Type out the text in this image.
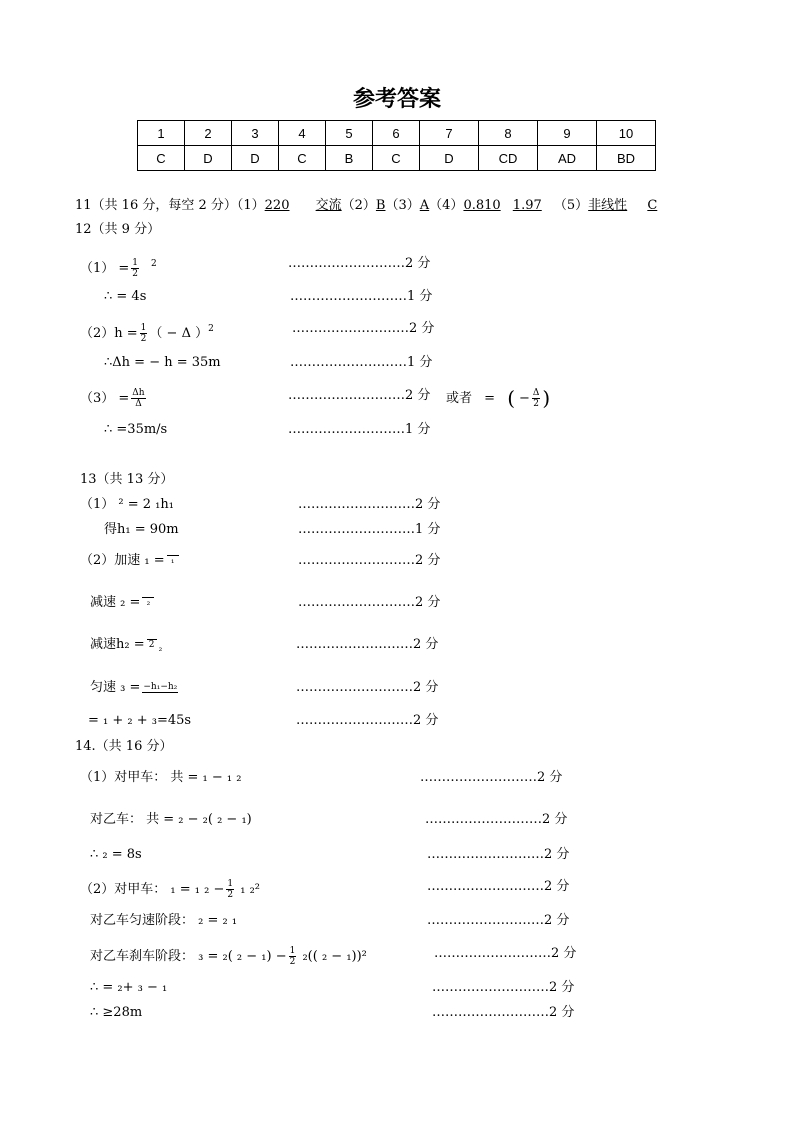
参考答案
1	2	3	4	5	6	7	8	9	10
C	D	D	C	B	C	D	CD	AD	BD
11（共 16 分，每空 2 分）（1）220 交流（2）B（3）A（4）0.810 1.97 （5）非线性 C
12（共 9 分）
$(1) = \frac{1}{2} ^2$	………………………2 分
∴ = 4s	………………………1 分
$(2)h = \frac{1}{2}$ （ − Δ ）$^2$	………………………2 分
∴Δh = − h = 35m	………………………1 分
$(3) = \frac{\Delta h}{\Delta}$	………………………2 分 或者 = ( − $\frac{\Delta}{2}$ )
∴ =35m/s	………………………1 分
13（共 13 分）
（1） ² = 2 ₁h₁	………………………2 分
得h₁ = 90m	………………………1 分
（2）加速 ₁ = ₁	………………………2 分
减速 ₂ = ₂	………………………2 分
减速h₂ = 2 $_{_2}$	………………………2 分
匀速 ₃ = −h₁−h₂	………………………2 分
= ₁ + ₂ + ₃=45s	………………………2 分
14.（共 16 分）
（1）对甲车： 共 = ₁ − ₁ ₂	………………………2 分
对乙车： 共 = ₂ − ₂( ₂ − ₁)	………………………2 分
∴ ₂ = 8s	………………………2 分
（2）对甲车： ₁ = ₁ $_2 - \frac{1}{2} _1$ ₂²	………………………2 分
对乙车匀速阶段： ₂ = ₂ ₁	………………………2 分
对乙车刹车阶段： ₃ = ₂( $_2 - _1) - \frac{1}{2} _2$(( ₂ − ₁))²	………………………2 分
∴ = ₂+ ₃ − ₁	………………………2 分
∴ ≥28m	………………………2 分
